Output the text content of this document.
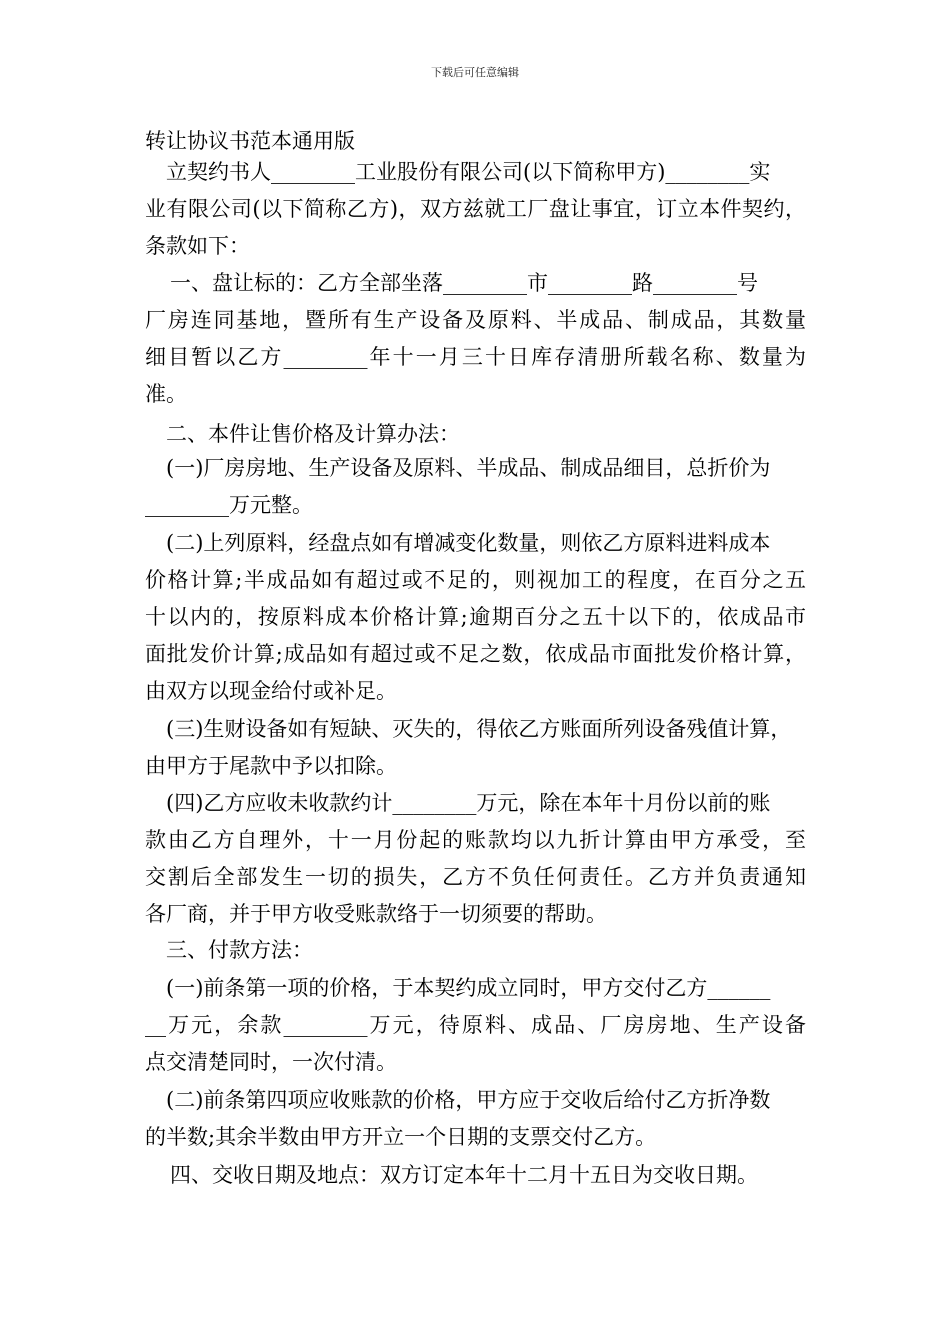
下载后可任意编辑
转让协议书范本通用版
立契约书人________工业股份有限公司(以下简称甲方)________实
业有限公司(以下简称乙方)，双方兹就工厂盘让事宜，订立本件契约，
条款如下：
一、盘让标的：乙方全部坐落________市________路________号
厂房连同基地，暨所有生产设备及原料、半成品、制成品，其数量
细目暂以乙方________年十一月三十日库存清册所载名称、数量为
准。
二、本件让售价格及计算办法：
(一)厂房房地、生产设备及原料、半成品、制成品细目，总折价为
________万元整。
(二)上列原料，经盘点如有增减变化数量，则依乙方原料进料成本
价格计算;半成品如有超过或不足的，则视加工的程度，在百分之五
十以内的，按原料成本价格计算;逾期百分之五十以下的，依成品市
面批发价计算;成品如有超过或不足之数，依成品市面批发价格计算，
由双方以现金给付或补足。
(三)生财设备如有短缺、灭失的，得依乙方账面所列设备残值计算，
由甲方于尾款中予以扣除。
(四)乙方应收未收款约计________万元，除在本年十月份以前的账
款由乙方自理外，十一月份起的账款均以九折计算由甲方承受，至
交割后全部发生一切的损失，乙方不负任何责任。乙方并负责通知
各厂商，并于甲方收受账款络于一切须要的帮助。
三、付款方法：
(一)前条第一项的价格，于本契约成立同时，甲方交付乙方______
__万元，余款________万元，待原料、成品、厂房房地、生产设备
点交清楚同时，一次付清。
(二)前条第四项应收账款的价格，甲方应于交收后给付乙方折净数
的半数;其余半数由甲方开立一个日期的支票交付乙方。
四、交收日期及地点：双方订定本年十二月十五日为交收日期。
